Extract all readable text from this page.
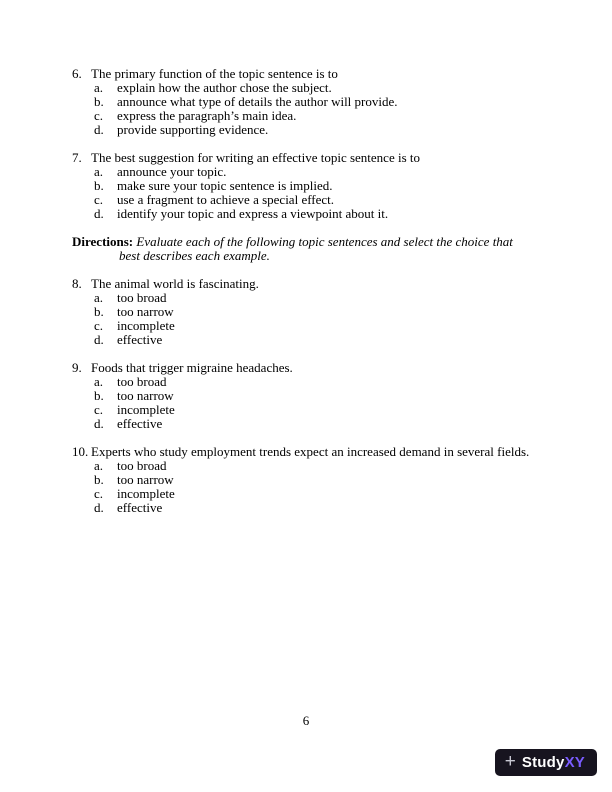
6. The primary function of the topic sentence is to
a.	explain how the author chose the subject.
b.	announce what type of details the author will provide.
c.	express the paragraph’s main idea.
d.	provide supporting evidence.
7. The best suggestion for writing an effective topic sentence is to
a.	announce your topic.
b.	make sure your topic sentence is implied.
c.	use a fragment to achieve a special effect.
d.	identify your topic and express a viewpoint about it.
Directions: Evaluate each of the following topic sentences and select the choice that
best describes each example.
8. The animal world is fascinating.
a.	too broad
b.	too narrow
c.	incomplete
d.	effective
9. Foods that trigger migraine headaches.
a.	too broad
b.	too narrow
c.	incomplete
d.	effective
10. Experts who study employment trends expect an increased demand in several fields.
a.	too broad
b.	too narrow
c.	incomplete
d.	effective
6
+ Study XY
